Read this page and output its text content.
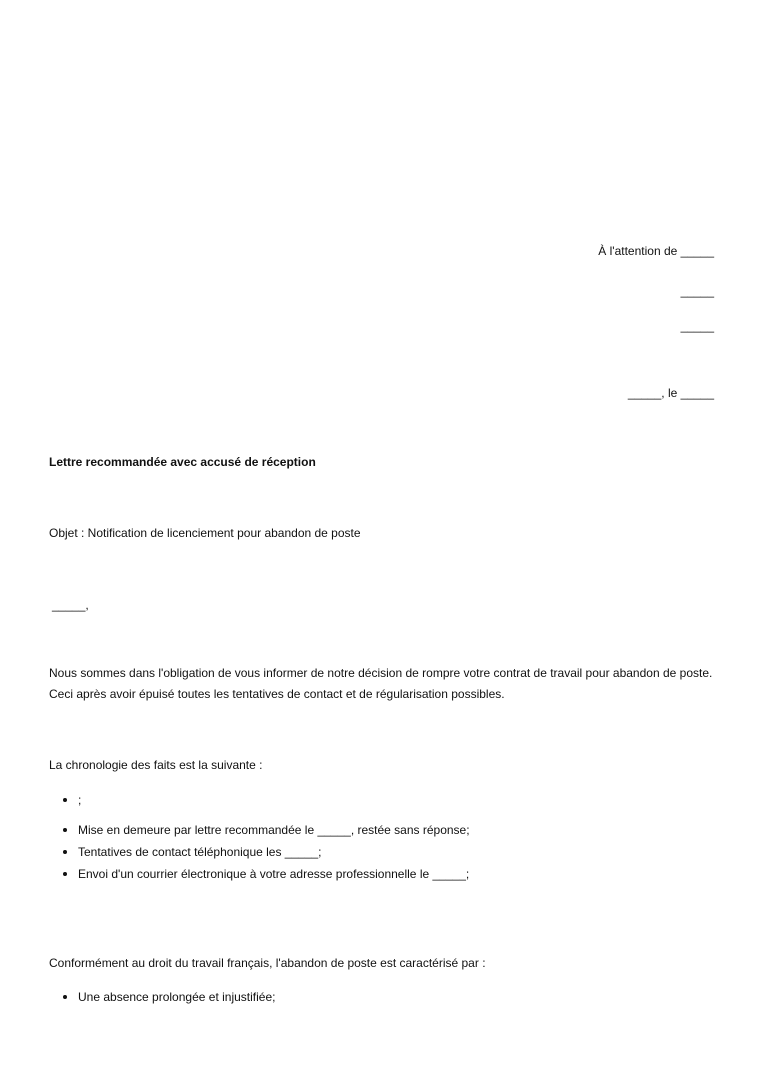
À l'attention de _____
_____
_____
_____, le _____
Lettre recommandée avec accusé de réception
Objet : Notification de licenciement pour abandon de poste
_____,
Nous sommes dans l'obligation de vous informer de notre décision de rompre votre contrat de travail pour abandon de poste. Ceci après avoir épuisé toutes les tentatives de contact et de régularisation possibles.
La chronologie des faits est la suivante :
;
Mise en demeure par lettre recommandée le _____, restée sans réponse;
Tentatives de contact téléphonique les _____;
Envoi d'un courrier électronique à votre adresse professionnelle le _____;
Conformément au droit du travail français, l'abandon de poste est caractérisé par :
Une absence prolongée et injustifiée;
